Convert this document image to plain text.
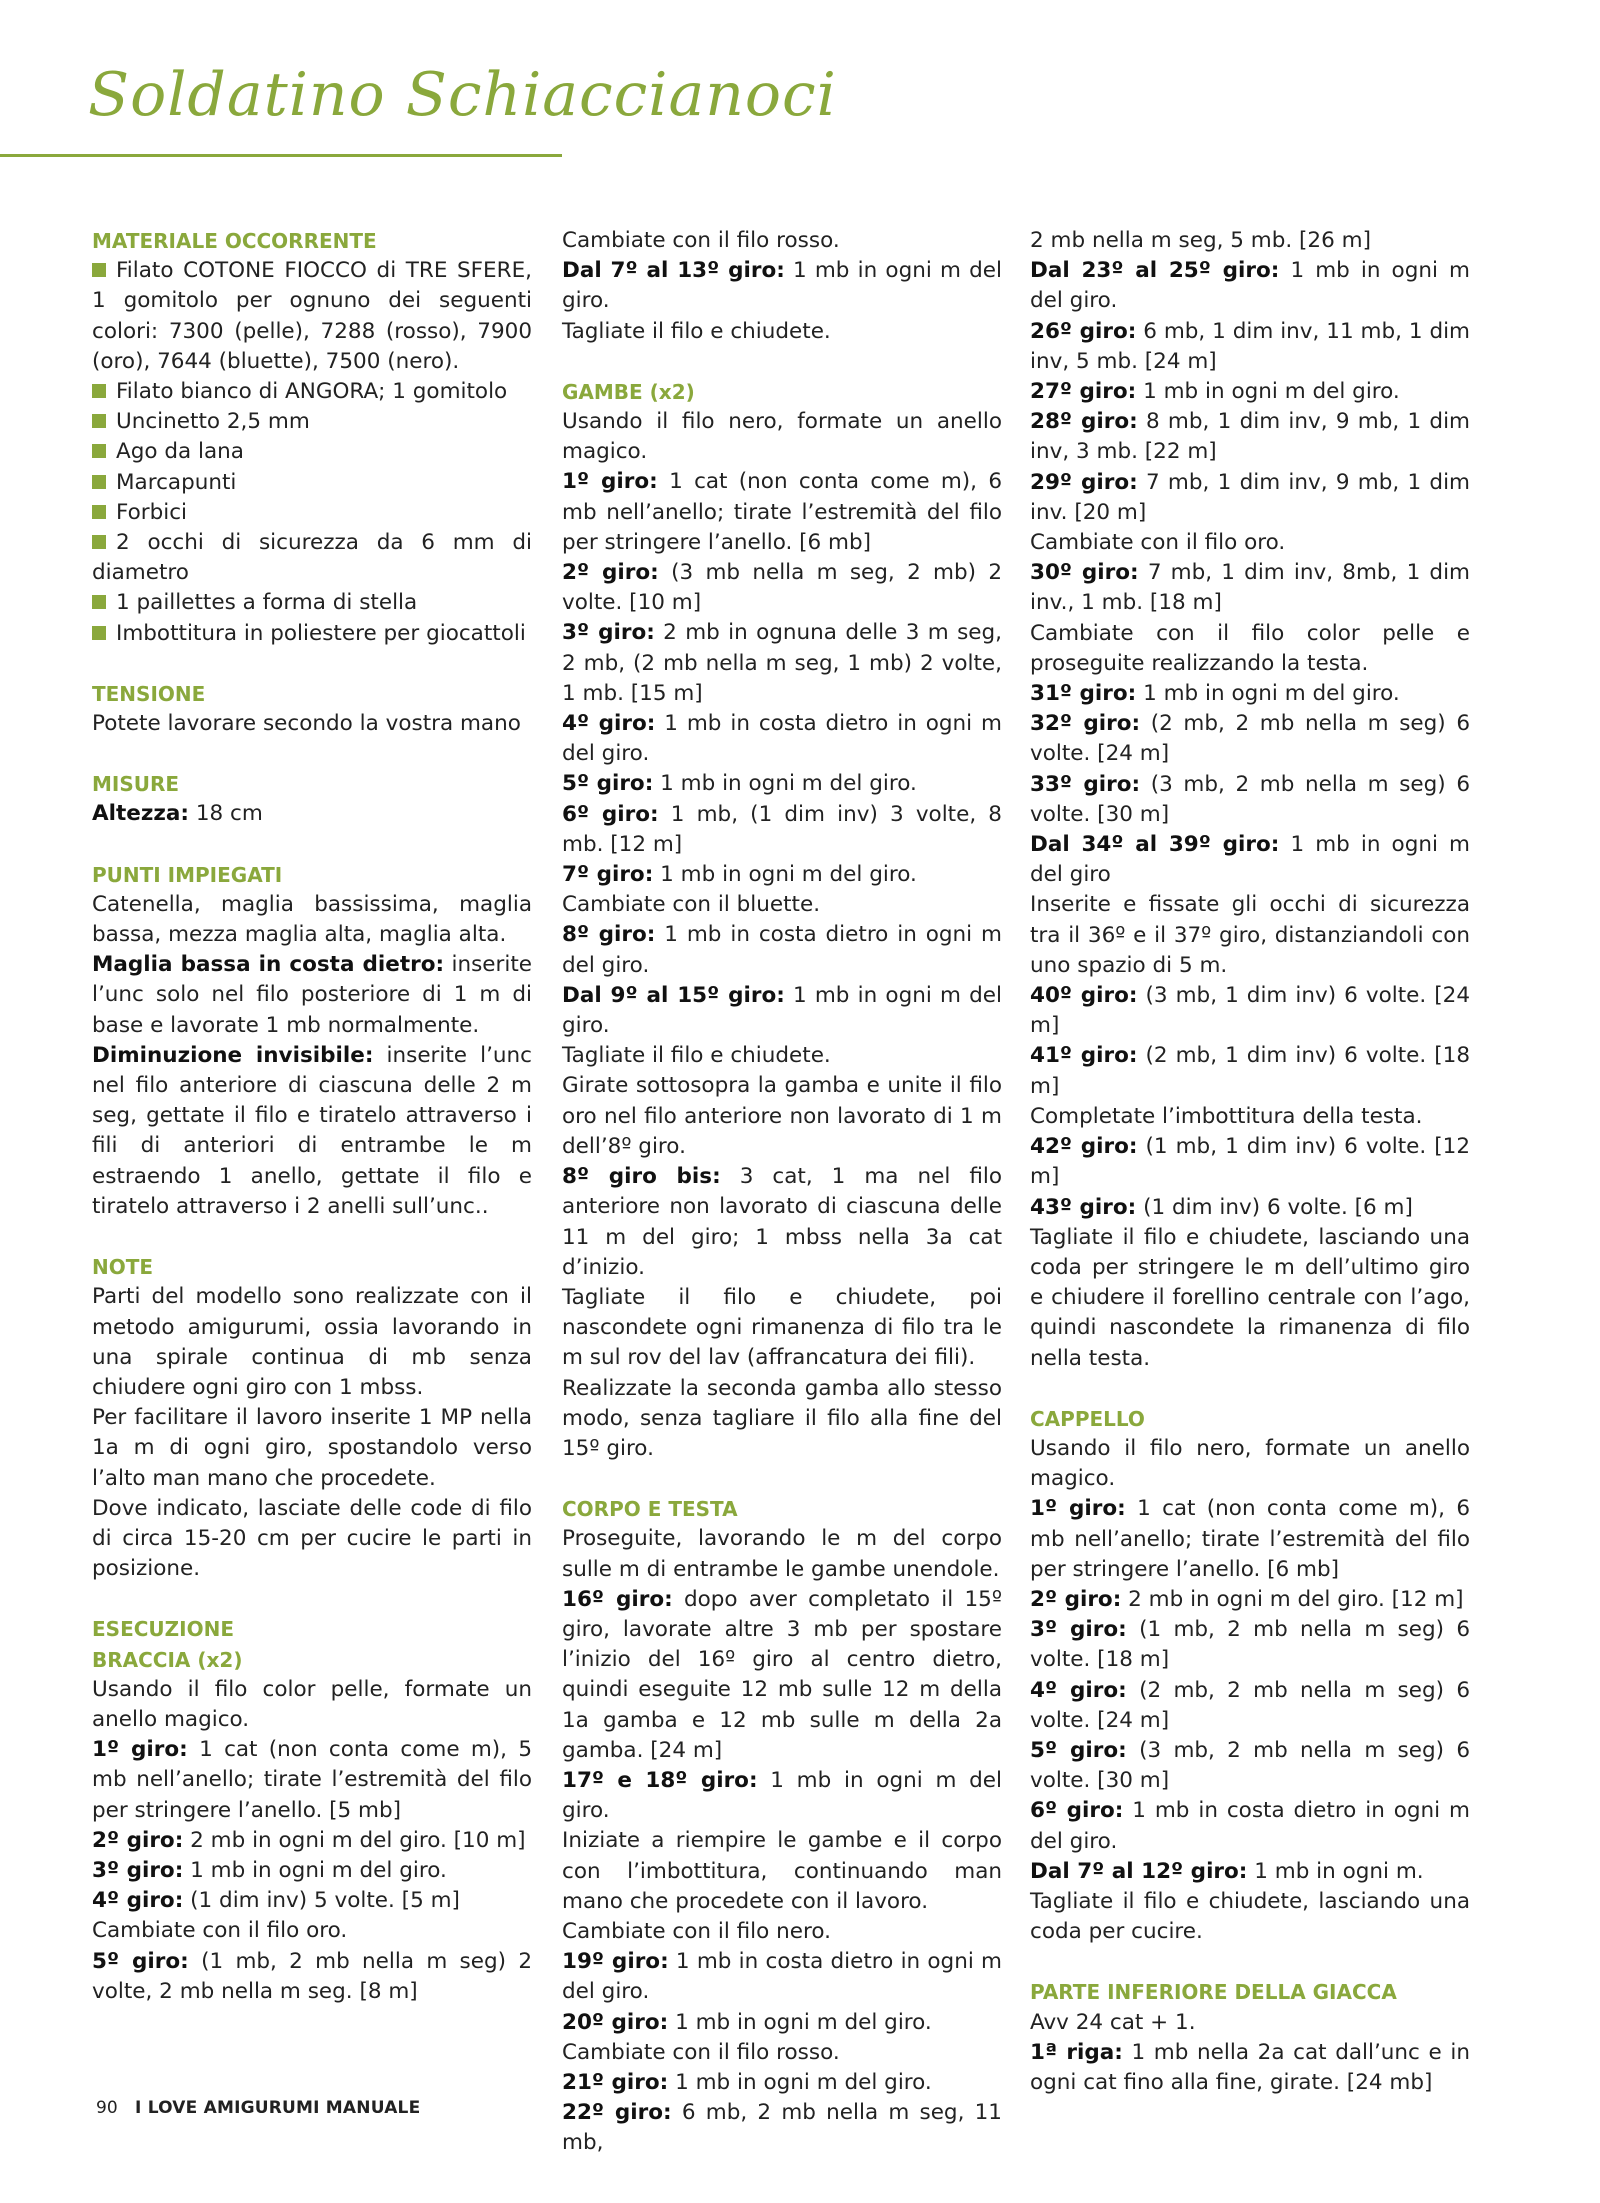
Soldatino Schiaccianoci

MATERIALE OCCORRENTE

Filato COTONE FIOCCO di TRE SFERE, 1 gomitolo per ognuno dei seguenti colori: 7300 (pelle), 7288 (rosso), 7900 (oro), 7644 (bluette), 7500 (nero).

Filato bianco di ANGORA; 1 gomitolo

Uncinetto 2,5 mm

Ago da lana

Marcapunti

Forbici

2 occhi di sicurezza da 6 mm di diametro

1 paillettes a forma di stella

Imbottitura in poliestere per giocattoli

TENSIONE

Potete lavorare secondo la vostra mano

MISURE

Altezza: 18 cm

PUNTI IMPIEGATI

Catenella, maglia bassissima, maglia bassa, mezza maglia alta, maglia alta.

Maglia bassa in costa dietro: inserite l’unc solo nel filo posteriore di 1 m di base e lavorate 1 mb normalmente.

Diminuzione invisibile: inserite l’unc nel filo anteriore di ciascuna delle 2 m seg, gettate il filo e tiratelo attraverso i fili di anteriori di entrambe le m estraendo 1 anello, gettate il filo e tiratelo attraverso i 2 anelli sull’unc..

NOTE

Parti del modello sono realizzate con il metodo amigurumi, ossia lavorando in una spirale continua di mb senza chiudere ogni giro con 1 mbss.

Per facilitare il lavoro inserite 1 MP nella 1a m di ogni giro, spostandolo verso l’alto man mano che procedete.

Dove indicato, lasciate delle code di filo di circa 15-20 cm per cucire le parti in posizione.

ESECUZIONE

BRACCIA (x2)

Usando il filo color pelle, formate un anello magico.

1º giro: 1 cat (non conta come m), 5 mb nell’anello; tirate l’estremità del filo per stringere l’anello. [5 mb]

2º giro: 2 mb in ogni m del giro. [10 m]

3º giro: 1 mb in ogni m del giro.

4º giro: (1 dim inv) 5 volte. [5 m]

Cambiate con il filo oro.

5º giro: (1 mb, 2 mb nella m seg) 2 volte, 2 mb nella m seg. [8 m]

Cambiate con il filo rosso.

Dal 7º al 13º giro: 1 mb in ogni m del giro.

Tagliate il filo e chiudete.

GAMBE (x2)

Usando il filo nero, formate un anello magico.

1º giro: 1 cat (non conta come m), 6 mb nell’anello; tirate l’estremità del filo per stringere l’anello. [6 mb]

2º giro: (3 mb nella m seg, 2 mb) 2 volte. [10 m]

3º giro: 2 mb in ognuna delle 3 m seg, 2 mb, (2 mb nella m seg, 1 mb) 2 volte, 1 mb. [15 m]

4º giro: 1 mb in costa dietro in ogni m del giro.

5º giro: 1 mb in ogni m del giro.

6º giro: 1 mb, (1 dim inv) 3 volte, 8 mb. [12 m]

7º giro: 1 mb in ogni m del giro.

Cambiate con il bluette.

8º giro: 1 mb in costa dietro in ogni m del giro.

Dal 9º al 15º giro: 1 mb in ogni m del giro.

Tagliate il filo e chiudete.

Girate sottosopra la gamba e unite il filo oro nel filo anteriore non lavorato di 1 m dell’8º giro.

8º giro bis: 3 cat, 1 ma nel filo anteriore non lavorato di ciascuna delle 11 m del giro; 1 mbss nella 3a cat d’inizio.

Tagliate il filo e chiudete, poi nascondete ogni rimanenza di filo tra le m sul rov del lav (affrancatura dei fili).

Realizzate la seconda gamba allo stesso modo, senza tagliare il filo alla fine del 15º giro.

CORPO E TESTA

Proseguite, lavorando le m del corpo sulle m di entrambe le gambe unendole.

16º giro: dopo aver completato il 15º giro, lavorate altre 3 mb per spostare l’inizio del 16º giro al centro dietro, quindi eseguite 12 mb sulle 12 m della 1a gamba e 12 mb sulle m della 2a gamba. [24 m]

17º e 18º giro: 1 mb in ogni m del giro.

Iniziate a riempire le gambe e il corpo con l’imbottitura, continuando man mano che procedete con il lavoro.

Cambiate con il filo nero.

19º giro: 1 mb in costa dietro in ogni m del giro.

20º giro: 1 mb in ogni m del giro.

Cambiate con il filo rosso.

21º giro: 1 mb in ogni m del giro.

22º giro: 6 mb, 2 mb nella m seg, 11 mb,

2 mb nella m seg, 5 mb. [26 m]

Dal 23º al 25º giro: 1 mb in ogni m del giro.

26º giro: 6 mb, 1 dim inv, 11 mb, 1 dim inv, 5 mb. [24 m]

27º giro: 1 mb in ogni m del giro.

28º giro: 8 mb, 1 dim inv, 9 mb, 1 dim inv, 3 mb. [22 m]

29º giro: 7 mb, 1 dim inv, 9 mb, 1 dim inv. [20 m]

Cambiate con il filo oro.

30º giro: 7 mb, 1 dim inv, 8mb, 1 dim inv., 1 mb. [18 m]

Cambiate con il filo color pelle e proseguite realizzando la testa.

31º giro: 1 mb in ogni m del giro.

32º giro: (2 mb, 2 mb nella m seg) 6 volte. [24 m]

33º giro: (3 mb, 2 mb nella m seg) 6 volte. [30 m]

Dal 34º al 39º giro: 1 mb in ogni m del giro

Inserite e fissate gli occhi di sicurezza tra il 36º e il 37º giro, distanziandoli con uno spazio di 5 m.

40º giro: (3 mb, 1 dim inv) 6 volte. [24 m]

41º giro: (2 mb, 1 dim inv) 6 volte. [18 m]

Completate l’imbottitura della testa.

42º giro: (1 mb, 1 dim inv) 6 volte. [12 m]

43º giro: (1 dim inv) 6 volte. [6 m]

Tagliate il filo e chiudete, lasciando una coda per stringere le m dell’ultimo giro e chiudere il forellino centrale con l’ago, quindi nascondete la rimanenza di filo nella testa.

CAPPELLO

Usando il filo nero, formate un anello magico.

1º giro: 1 cat (non conta come m), 6 mb nell’anello; tirate l’estremità del filo per stringere l’anello. [6 mb]

2º giro: 2 mb in ogni m del giro. [12 m]

3º giro: (1 mb, 2 mb nella m seg) 6 volte. [18 m]

4º giro: (2 mb, 2 mb nella m seg) 6 volte. [24 m]

5º giro: (3 mb, 2 mb nella m seg) 6 volte. [30 m]

6º giro: 1 mb in costa dietro in ogni m del giro.

Dal 7º al 12º giro: 1 mb in ogni m.

Tagliate il filo e chiudete, lasciando una coda per cucire.

PARTE INFERIORE DELLA GIACCA

Avv 24 cat + 1.

1ª riga: 1 mb nella 2a cat dall’unc e in ogni cat fino alla fine, girate. [24 mb]

90 I LOVE AMIGURUMI MANUALE
